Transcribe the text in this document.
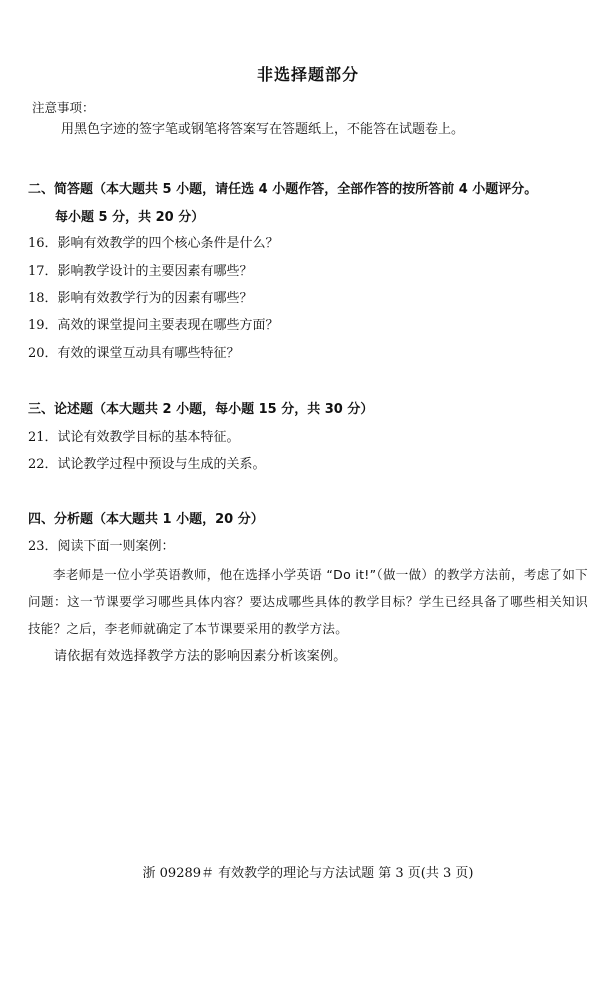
非选择题部分
注意事项：
用黑色字迹的签字笔或钢笔将答案写在答题纸上，不能答在试题卷上。
二、简答题（本大题共 5 小题，请任选 4 小题作答，全部作答的按所答前 4 小题评分。
每小题 5 分，共 20 分）
16．影响有效教学的四个核心条件是什么？
17．影响教学设计的主要因素有哪些？
18．影响有效教学行为的因素有哪些？
19．高效的课堂提问主要表现在哪些方面？
20．有效的课堂互动具有哪些特征？
三、论述题（本大题共 2 小题，每小题 15 分，共 30 分）
21．试论有效教学目标的基本特征。
22．试论教学过程中预设与生成的关系。
四、分析题（本大题共 1 小题，20 分）
23．阅读下面一则案例：
李老师是一位小学英语教师，他在选择小学英语 “Do it!”（做一做）的教学方法前，考虑了如下问题：这一节课要学习哪些具体内容？要达成哪些具体的教学目标？学生已经具备了哪些相关知识技能？之后，李老师就确定了本节课要采用的教学方法。
请依据有效选择教学方法的影响因素分析该案例。
浙 09289＃ 有效教学的理论与方法试题 第 3 页(共 3 页)
